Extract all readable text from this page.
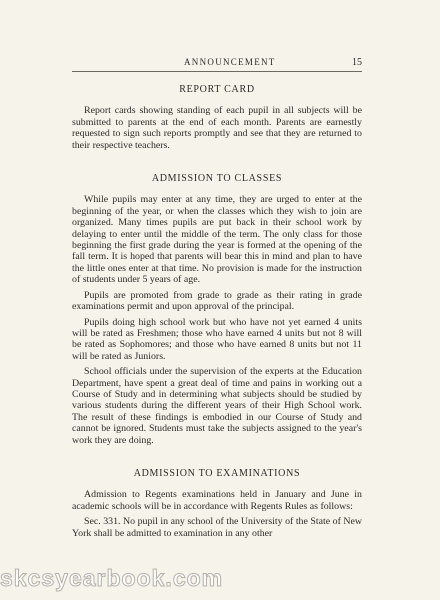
ANNOUNCEMENT	15
REPORT CARD

Report cards showing standing of each pupil in all subjects will be submitted to parents at the end of each month. Parents are earnestly requested to sign such reports promptly and see that they are returned to their respective teachers.

ADMISSION TO CLASSES

While pupils may enter at any time, they are urged to enter at the beginning of the year, or when the classes which they wish to join are organized. Many times pupils are put back in their school work by delaying to enter until the middle of the term. The only class for those beginning the first grade during the year is formed at the opening of the fall term. It is hoped that parents will bear this in mind and plan to have the little ones enter at that time. No provision is made for the instruction of students under 5 years of age.

Pupils are promoted from grade to grade as their rating in grade examinations permit and upon approval of the principal.

Pupils doing high school work but who have not yet earned 4 units will be rated as Freshmen; those who have earned 4 units but not 8 will be rated as Sophomores; and those who have earned 8 units but not 11 will be rated as Juniors.

School officials under the supervision of the experts at the Education Department, have spent a great deal of time and pains in working out a Course of Study and in determining what subjects should be studied by various students during the different years of their High School work. The result of these findings is embodied in our Course of Study and cannot be ignored. Students must take the subjects assigned to the year's work they are doing.

ADMISSION TO EXAMINATIONS

Admission to Regents examinations held in January and June in academic schools will be in accordance with Regents Rules as follows:

Sec. 331. No pupil in any school of the University of the State of New York shall be admitted to examination in any other

skcsyearbook.com
